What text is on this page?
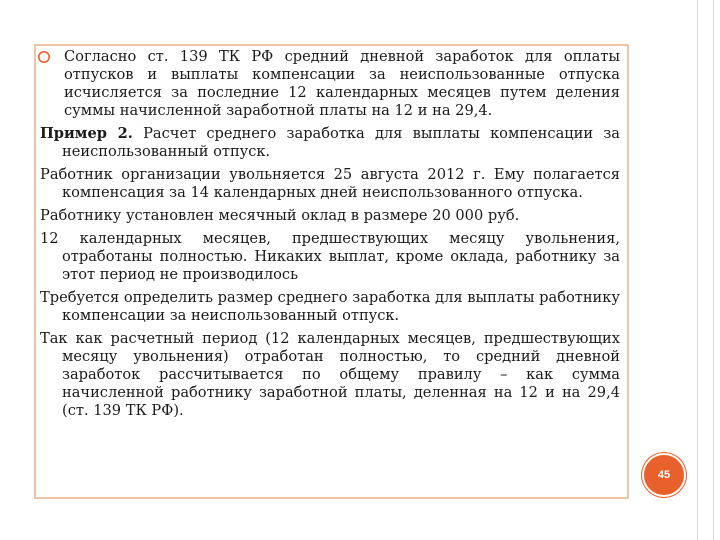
Согласно ст. 139 ТК РФ средний дневной заработок для оплаты отпусков и выплаты компенсации за неиспользованные отпуска исчисляется за последние 12 календарных месяцев путем деления суммы начисленной заработной платы на 12 и на 29,4.

Пример 2. Расчет среднего заработка для выплаты компенсации за неиспользованный отпуск.

Работник организации увольняется 25 августа 2012 г. Ему полагается компенсация за 14 календарных дней неиспользованного отпуска.

Работнику установлен месячный оклад в размере 20 000 руб.

12 календарных месяцев, предшествующих месяцу увольнения, отработаны полностью. Никаких выплат, кроме оклада, работнику за этот период не производилось

Требуется определить размер среднего заработка для выплаты работнику компенсации за неиспользованный отпуск.

Так как расчетный период (12 календарных месяцев, предшествующих месяцу увольнения) отработан полностью, то средний дневной заработок рассчитывается по общему правилу – как сумма начисленной работнику заработной платы, деленная на 12 и на 29,4 (ст. 139 ТК РФ).

45
